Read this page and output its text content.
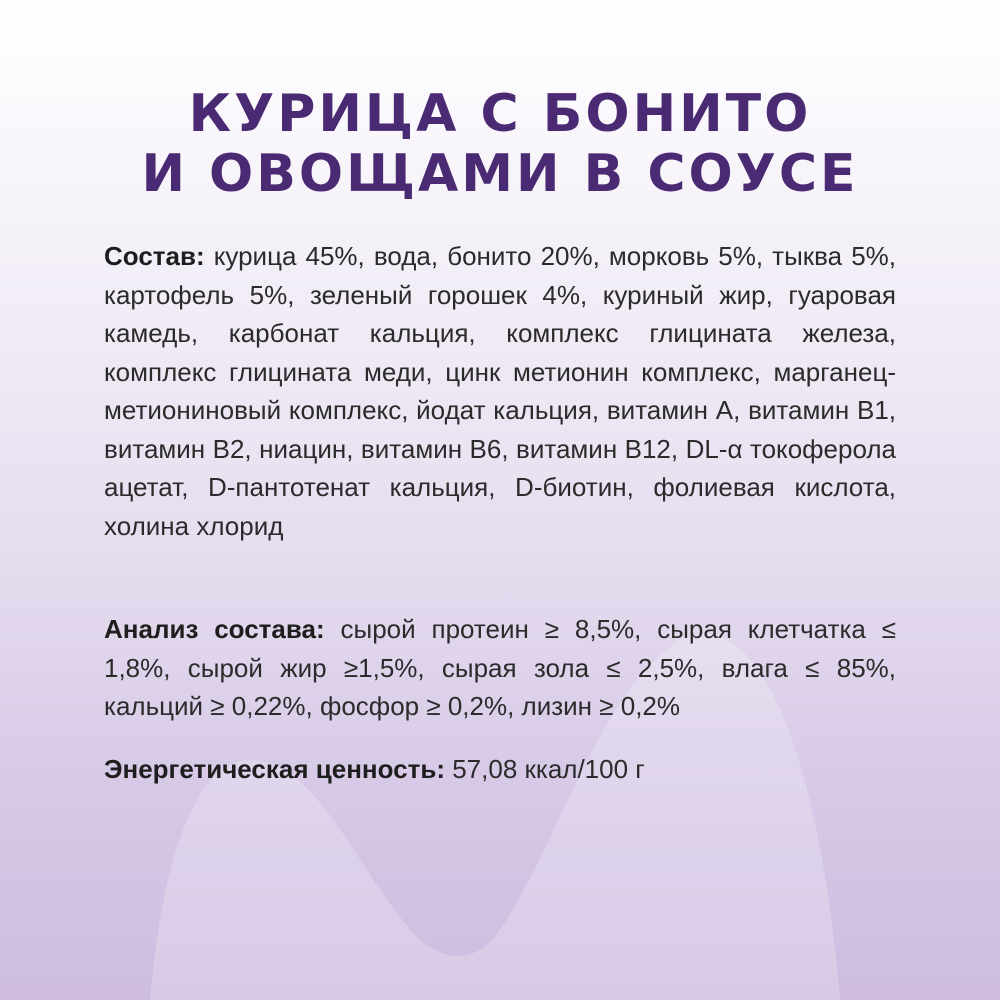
КУРИЦА С БОНИТО
И ОВОЩАМИ В СОУСЕ

Состав: курица 45%, вода, бонито 20%, морковь 5%, тыква 5%, картофель 5%, зеленый горошек 4%, куриный жир, гуаровая камедь, карбонат кальция, комплекс глицината железа, комплекс глицината меди, цинк метионин комплекс, марганец-метиониновый комплекс, йодат кальция, витамин А, витамин В1, витамин В2, ниацин, витамин В6, витамин В12, DL-α токоферола ацетат, D-пантотенат кальция, D-биотин, фолиевая кислота, холина хлорид

Анализ состава: сырой протеин ≥ 8,5%, сырая клетчатка ≤ 1,8%, сырой жир ≥1,5%, сырая зола ≤ 2,5%, влага ≤ 85%, кальций ≥ 0,22%, фосфор ≥ 0,2%, лизин ≥ 0,2%

Энергетическая ценность: 57,08 ккал/100 г
